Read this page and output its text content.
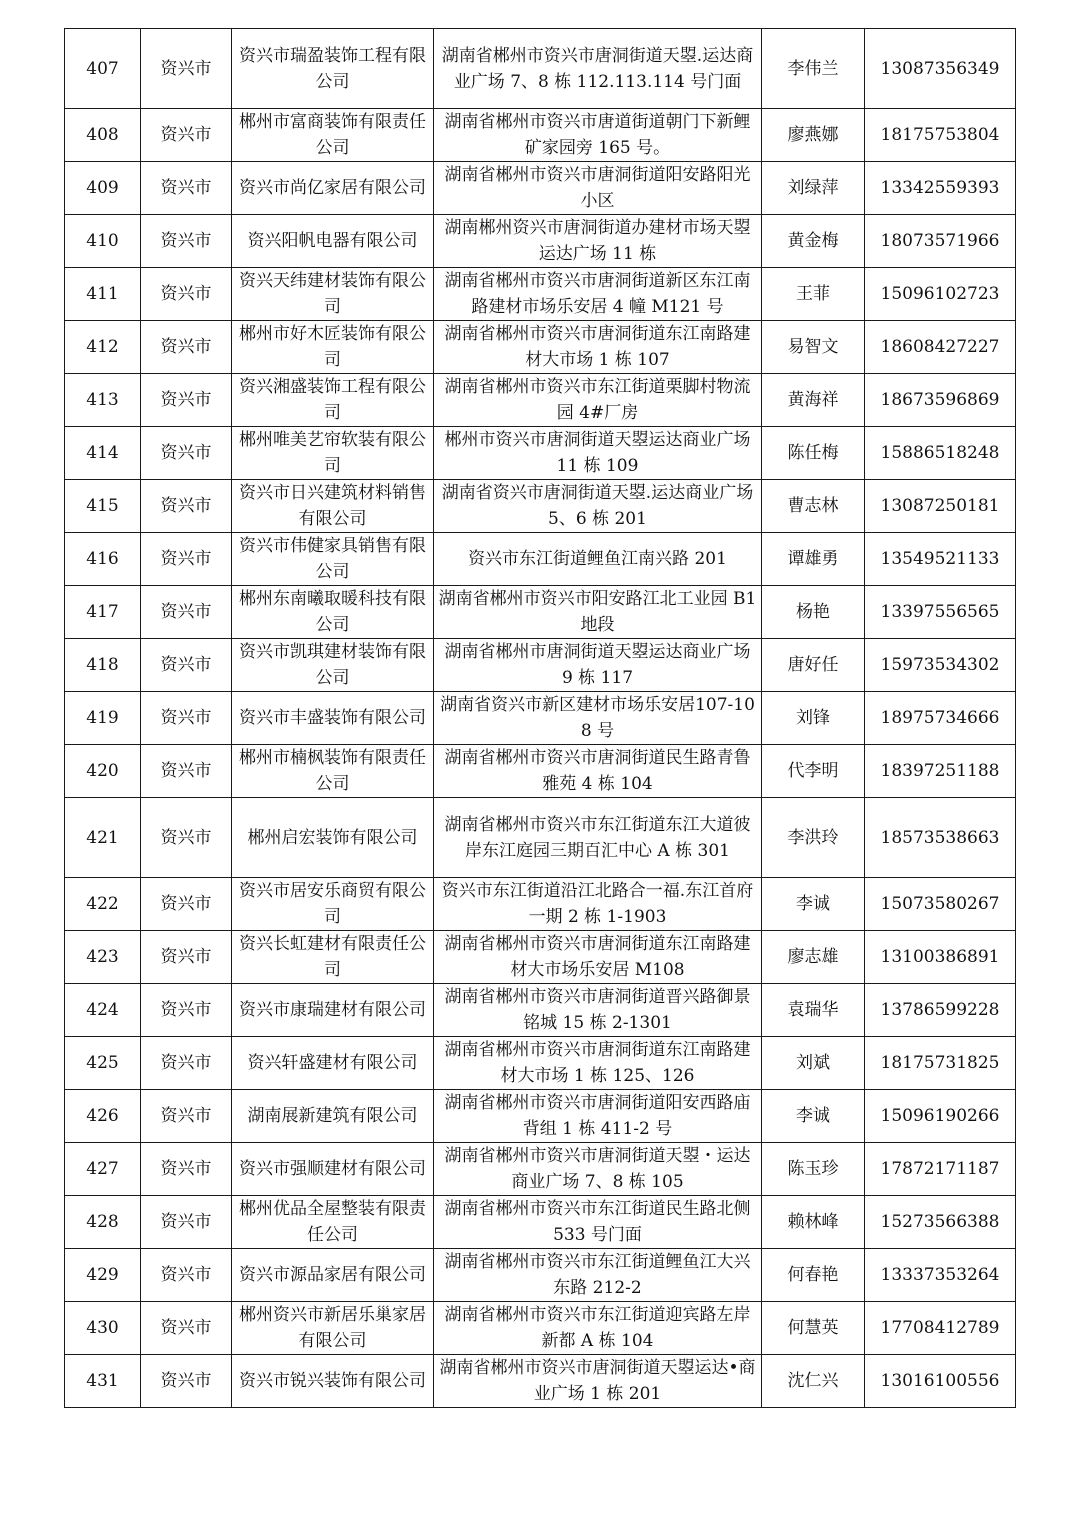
407	资兴市	资兴市瑞盈装饰工程有限公司	湖南省郴州市资兴市唐洞街道天曌.运达商业广场 7、8 栋 112.113.114 号门面	李伟兰	13087356349
408	资兴市	郴州市富商装饰有限责任公司	湖南省郴州市资兴市唐道街道朝门下新鲤矿家园旁 165 号。	廖燕娜	18175753804
409	资兴市	资兴市尚亿家居有限公司	湖南省郴州市资兴市唐洞街道阳安路阳光小区	刘绿萍	13342559393
410	资兴市	资兴阳帆电器有限公司	湖南郴州资兴市唐洞街道办建材市场天曌运达广场 11 栋	黄金梅	18073571966
411	资兴市	资兴天纬建材装饰有限公司	湖南省郴州市资兴市唐洞街道新区东江南路建材市场乐安居 4 幢 M121 号	王菲	15096102723
412	资兴市	郴州市好木匠装饰有限公司	湖南省郴州市资兴市唐洞街道东江南路建材大市场 1 栋 107	易智文	18608427227
413	资兴市	资兴湘盛装饰工程有限公司	湖南省郴州市资兴市东江街道栗脚村物流园 4#厂房	黄海祥	18673596869
414	资兴市	郴州唯美艺帘软装有限公司	郴州市资兴市唐洞街道天曌运达商业广场 11 栋 109	陈任梅	15886518248
415	资兴市	资兴市日兴建筑材料销售有限公司	湖南省资兴市唐洞街道天曌.运达商业广场 5、6 栋 201	曹志林	13087250181
416	资兴市	资兴市伟健家具销售有限公司	资兴市东江街道鲤鱼江南兴路 201	谭雄勇	13549521133
417	资兴市	郴州东南曦取暖科技有限公司	湖南省郴州市资兴市阳安路江北工业园 B1 地段	杨艳	13397556565
418	资兴市	资兴市凯琪建材装饰有限公司	湖南省郴州市唐洞街道天曌运达商业广场 9 栋 117	唐好任	15973534302
419	资兴市	资兴市丰盛装饰有限公司	湖南省资兴市新区建材市场乐安居107-108 号	刘锋	18975734666
420	资兴市	郴州市楠枫装饰有限责任公司	湖南省郴州市资兴市唐洞街道民生路青鲁雅苑 4 栋 104	代李明	18397251188
421	资兴市	郴州启宏装饰有限公司	湖南省郴州市资兴市东江街道东江大道彼岸东江庭园三期百汇中心 A 栋 301	李洪玲	18573538663
422	资兴市	资兴市居安乐商贸有限公司	资兴市东江街道沿江北路合一福.东江首府一期 2 栋 1-1903	李诚	15073580267
423	资兴市	资兴长虹建材有限责任公司	湖南省郴州市资兴市唐洞街道东江南路建材大市场乐安居 M108	廖志雄	13100386891
424	资兴市	资兴市康瑞建材有限公司	湖南省郴州市资兴市唐洞街道晋兴路御景铭城 15 栋 2-1301	袁瑞华	13786599228
425	资兴市	资兴轩盛建材有限公司	湖南省郴州市资兴市唐洞街道东江南路建材大市场 1 栋 125、126	刘斌	18175731825
426	资兴市	湖南展新建筑有限公司	湖南省郴州市资兴市唐洞街道阳安西路庙背组 1 栋 411-2 号	李诚	15096190266
427	资兴市	资兴市强顺建材有限公司	湖南省郴州市资兴市唐洞街道天曌・运达商业广场 7、8 栋 105	陈玉珍	17872171187
428	资兴市	郴州优品全屋整装有限责任公司	湖南省郴州市资兴市东江街道民生路北侧 533 号门面	赖林峰	15273566388
429	资兴市	资兴市源品家居有限公司	湖南省郴州市资兴市东江街道鲤鱼江大兴东路 212-2	何春艳	13337353264
430	资兴市	郴州资兴市新居乐巢家居有限公司	湖南省郴州市资兴市东江街道迎宾路左岸新都 A 栋 104	何慧英	17708412789
431	资兴市	资兴市锐兴装饰有限公司	湖南省郴州市资兴市唐洞街道天曌运达•商业广场 1 栋 201	沈仁兴	13016100556
